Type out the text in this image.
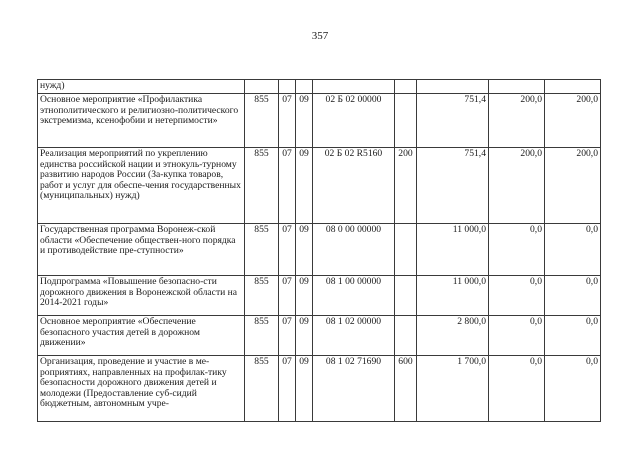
357
нужд)								
Основное мероприятие «Профилактика этнополитического и религиозно-политического экстремизма, ксенофобии и нетерпимости»	855	07	09	02 Б 02 00000		751,4	200,0	200,0
Реализация мероприятий по укреплению единства российской нации и этнокуль-турному развитию народов России (За-купка товаров, работ и услуг для обеспе-чения государственных (муниципальных) нужд)	855	07	09	02 Б 02 R5160	200	751,4	200,0	200,0
Государственная программа Воронеж-ской области «Обеспечение обществен-ного порядка и противодействие пре-ступности»	855	07	09	08 0 00 00000		11 000,0	0,0	0,0
Подпрограмма «Повышение безопасно-сти дорожного движения в Воронежской области на 2014-2021 годы»	855	07	09	08 1 00 00000		11 000,0	0,0	0,0
Основное мероприятие «Обеспечение безопасного участия детей в дорожном движении»	855	07	09	08 1 02 00000		2 800,0	0,0	0,0
Организация, проведение и участие в ме-роприятиях, направленных на профилак-тику безопасности дорожного движения детей и молодежи (Предоставление суб-сидий бюджетным, автономным учре-	855	07	09	08 1 02 71690	600	1 700,0	0,0	0,0
